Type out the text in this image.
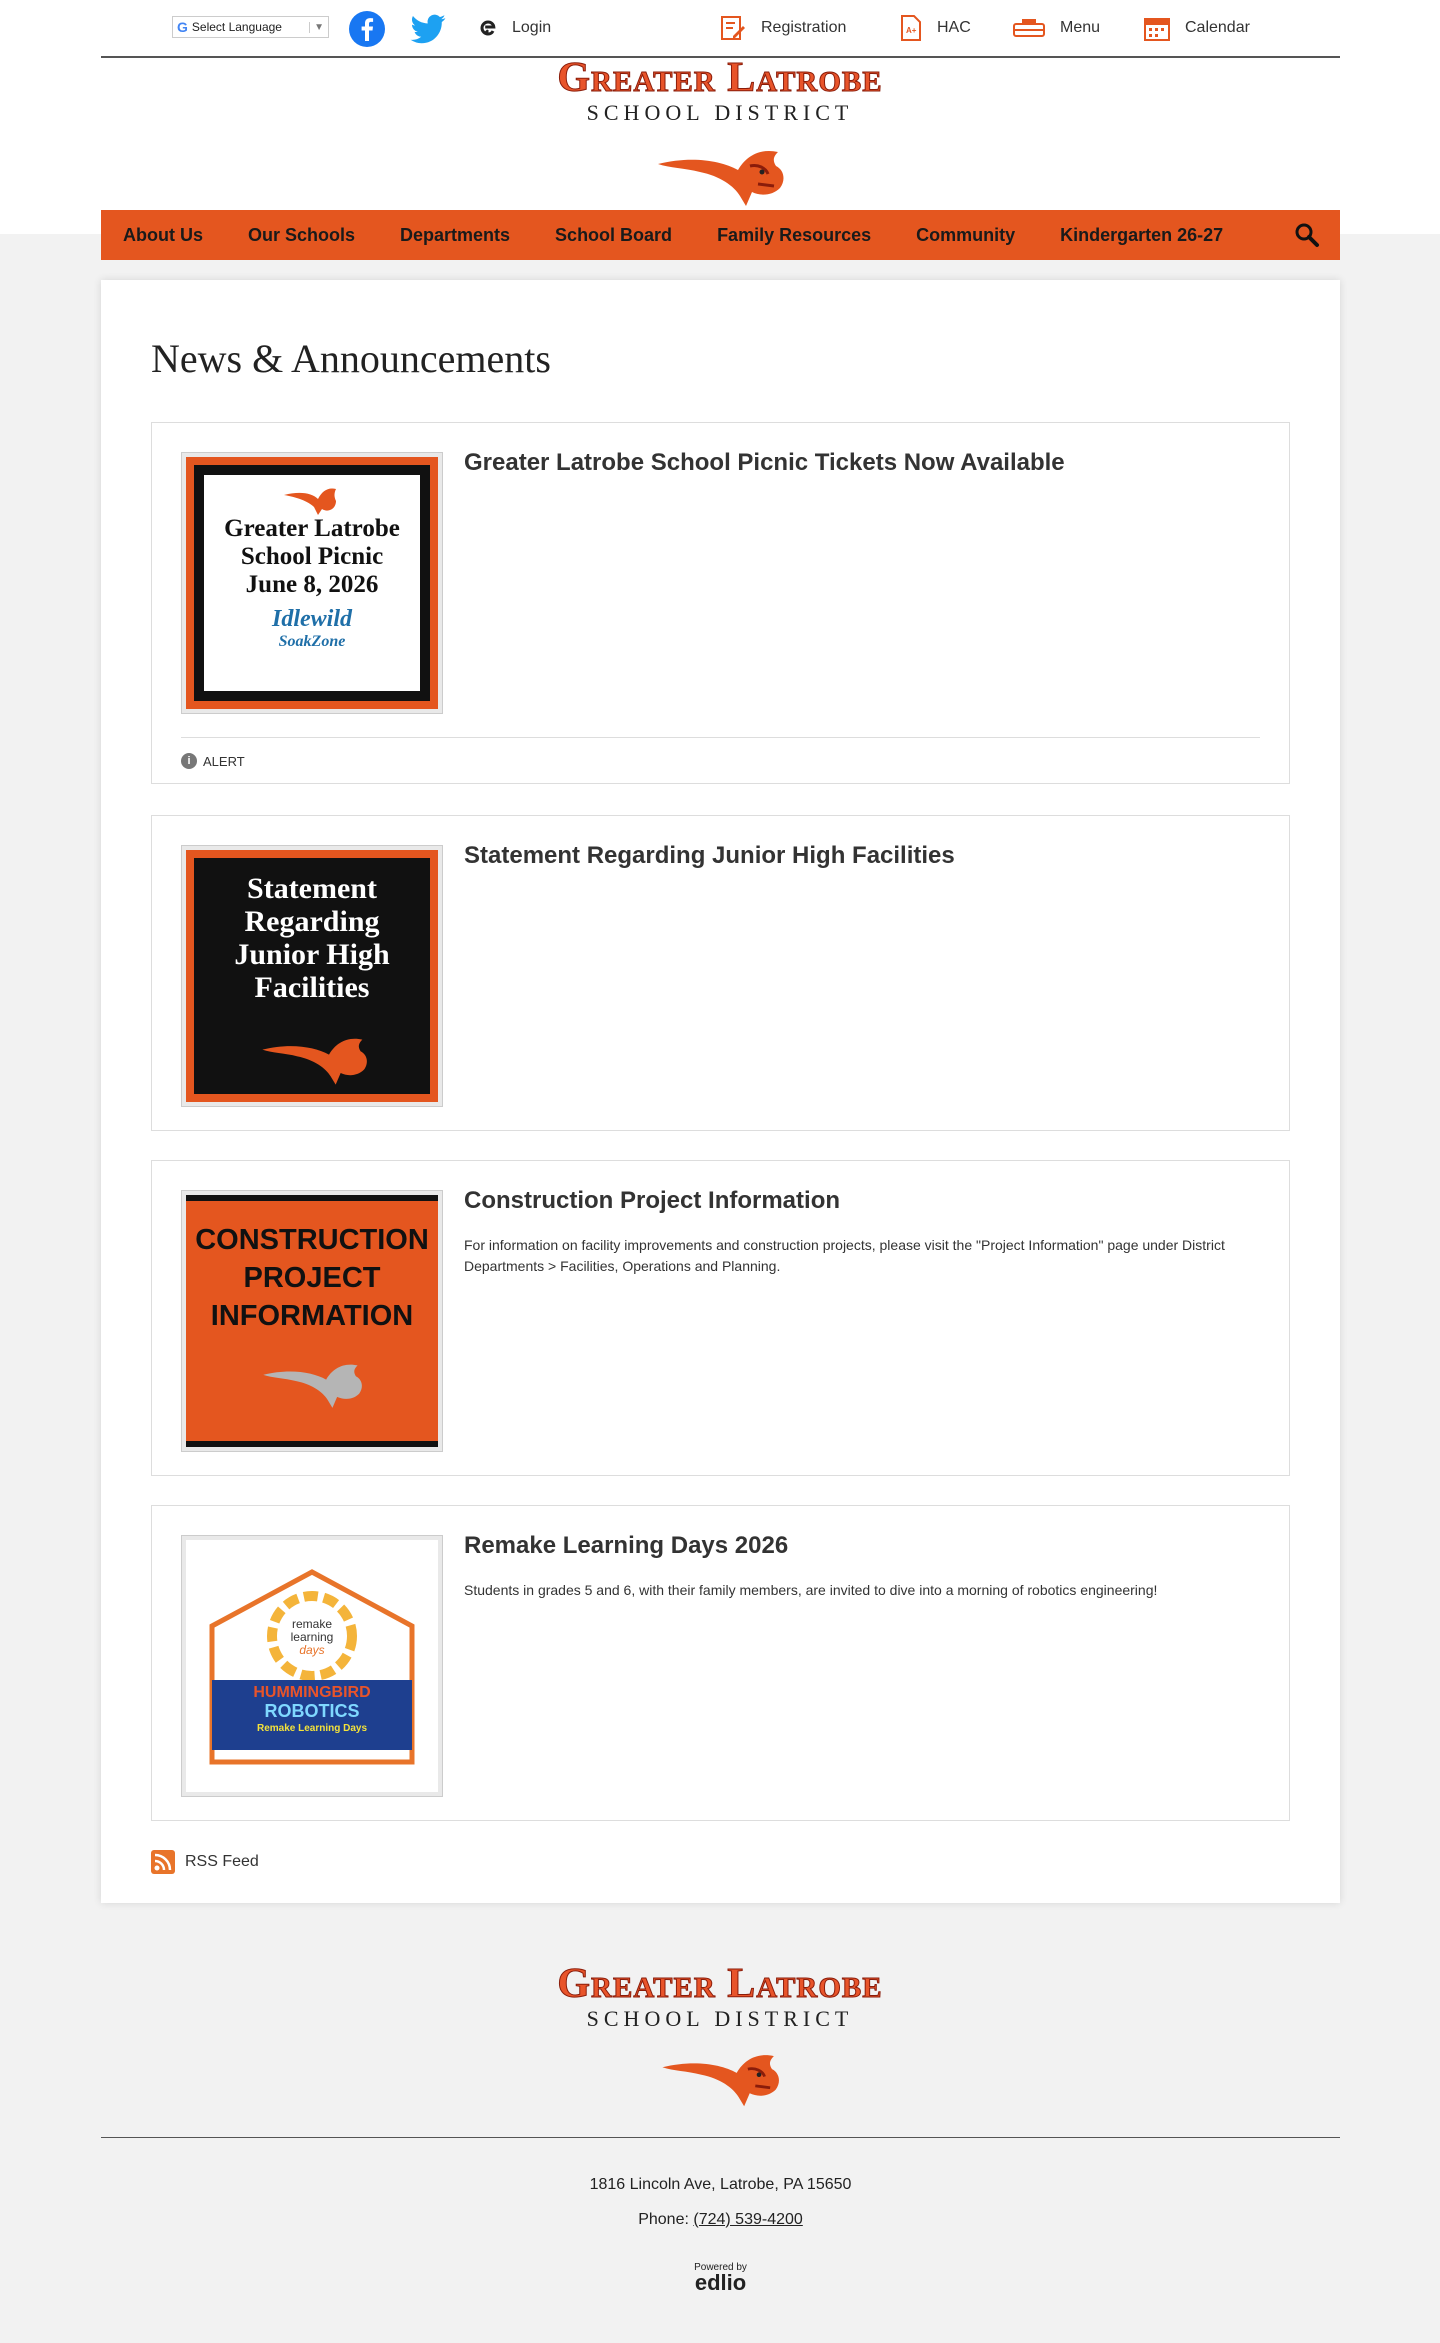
G Select Language	▼	Login	Registration	A+ HAC	Menu	Calendar
Greater Latrobe
SCHOOL DISTRICT
About Us	Our Schools	Departments	School Board	Family Resources	Community	Kindergarten 26-27
News & Announcements
Greater Latrobe
School Picnic
June 8, 2026
Idlewild
SoakZone
Greater Latrobe School Picnic Tickets Now Available
i ALERT
Statement
Regarding
Junior High
Facilities
Statement Regarding Junior High Facilities
CONSTRUCTION
PROJECT
INFORMATION
Construction Project Information
For information on facility improvements and construction projects, please visit the "Project Information" page under District Departments > Facilities, Operations and Planning.
remake
learning
days
HUMMINGBIRD
ROBOTICS
Remake Learning Days
Remake Learning Days 2026
Students in grades 5 and 6, with their family members, are invited to dive into a morning of robotics engineering!
RSS Feed
Greater Latrobe
SCHOOL DISTRICT
1816 Lincoln Ave, Latrobe, PA 15650
Phone: (724) 539-4200
Powered by
edlio
